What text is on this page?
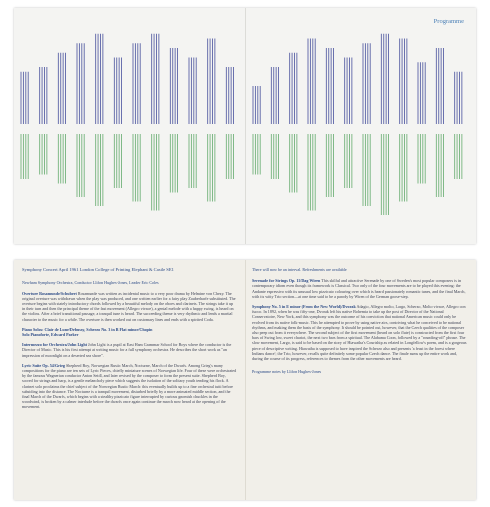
Programme
Symphony Concert April 1961 London College of Printing Elephant & Castle SE1
Newham Symphony Orchestra, Conductor Llifon Hughes-Jones, Leader Eric Coles
Overture Rosamunde/Schubert Rosamunde was written as incidental music to a very poor drama by Helmine von Chezy. The original overture was withdrawn when the play was produced, and one written earlier for a fairy play Zauberharfe substituted. The overture begins with stately introductory chords followed by a beautiful melody on the oboes and clarinets. The strings take it up in their turn and then the principal theme of the fast movement (Allegro vivace), a genial melode with a happy swing, is heard on the violins. After a brief transitional passage, a tranquil tune is heard. The succeeding theme is very rhythmic and lends a martial character to the music for a while. The overture is then worked out on customary lines and ends with a spirited Coda.
Piano Solos: Clair de Lune/Debussy, Scherzo No. 3 in B Flat minor/Chopin
Solo Pianoforte, Edward Parker
Intermezzo for Orchestra/John Light John Light is a pupil at East Ham Grammar School for Boys where the conductor is the Director of Music. This is his first attempt at writing music for a full symphony orchestra. He describes the short work as "an impression of moonlight on a deserted sea shore".
Lyric Suite Op. 54/Grieg Shepherd Boy, Norwegian Rustic March, Nocturne, March of the Dwarfs. Among Grieg's many compositions for the piano are ten sets of Lyric Pieces, chiefly miniature scenes of Norwegian life. Four of these were orchestrated by the famous Wagnerian conductor Anton Seidl, and later revised by the composer to form the present suite. Shepherd Boy, scored for strings and harp, is a gentle melancholy piece which suggests the isolation of the solitary youth tending his flock. A clarinet solo proclaims the chief subject of the Norwegian Rustic March: this eventually builds up to a fine orchestral tutti before subsiding into the distance. The Nocturne is a tranquil movement, disturbed briefly by a more animated middle section, and the final March of the Dwarfs, which begins with a stealthy pizzicato figure interrupted by curious gnomish chuckles in the woodwind, is broken by a calmer interlude before the dwarfs once again continue the march now heard at the opening of the movement.
There will now be an interval. Refreshments are available
Serenade for Strings Op. 11/Dag Wiren This skilful and attractive Serenade by one of Sweden's most popular composers is in contemporary idiom even though its framework is Classical. Two only of the four movements are to be played this evening: the Andante espressivo with its unusual low pizzicato colouring over which is heard passionately romantic tunes, and the final March, with its witty Trio section—at one time said to be a parody by Wiren of the German goose-step.
Symphony No. 5 in E minor (From the New World)/Dvorak Adagio, Allegro molto, Largo, Scherzo, Molto vivace, Allegro con fuoco. In 1892, when he was fifty-one, Dvorak left his native Bohemia to take up the post of Director of the National Conservatoire, New York, and this symphony was the outcome of his conviction that national American music could only be evolved from its native folk-music. This he attempted to prove by using native airs, contriving what he conceived to be national rhythms, and making them the basis of the symphony. It should be pointed out, however, that the Czech qualities of the composer also peep out from it everywhere. The second subject of the first movement (heard on solo flute) is constructed from the first four bars of Swing low, sweet chariot, the next two bars from a spiritual. The Alabama Coon, followed by a "rounding-off" phrase. The slow movement, Largo, is said to be based on the story of Hiawatha's Courtship as related in Longfellow's poem, and is a gorgeous piece of descriptive writing. Hiawatha is supposed to have inspired the Scherzo also and presents 'a feast in the forest where Indians dance'; the Trio, however, recalls quite definitely some popular Czech dance. The finale sums up the entire work and, during the course of its progress, references to themes from the other movements are heard.
Programme notes by Llifon Hughes-Jones
